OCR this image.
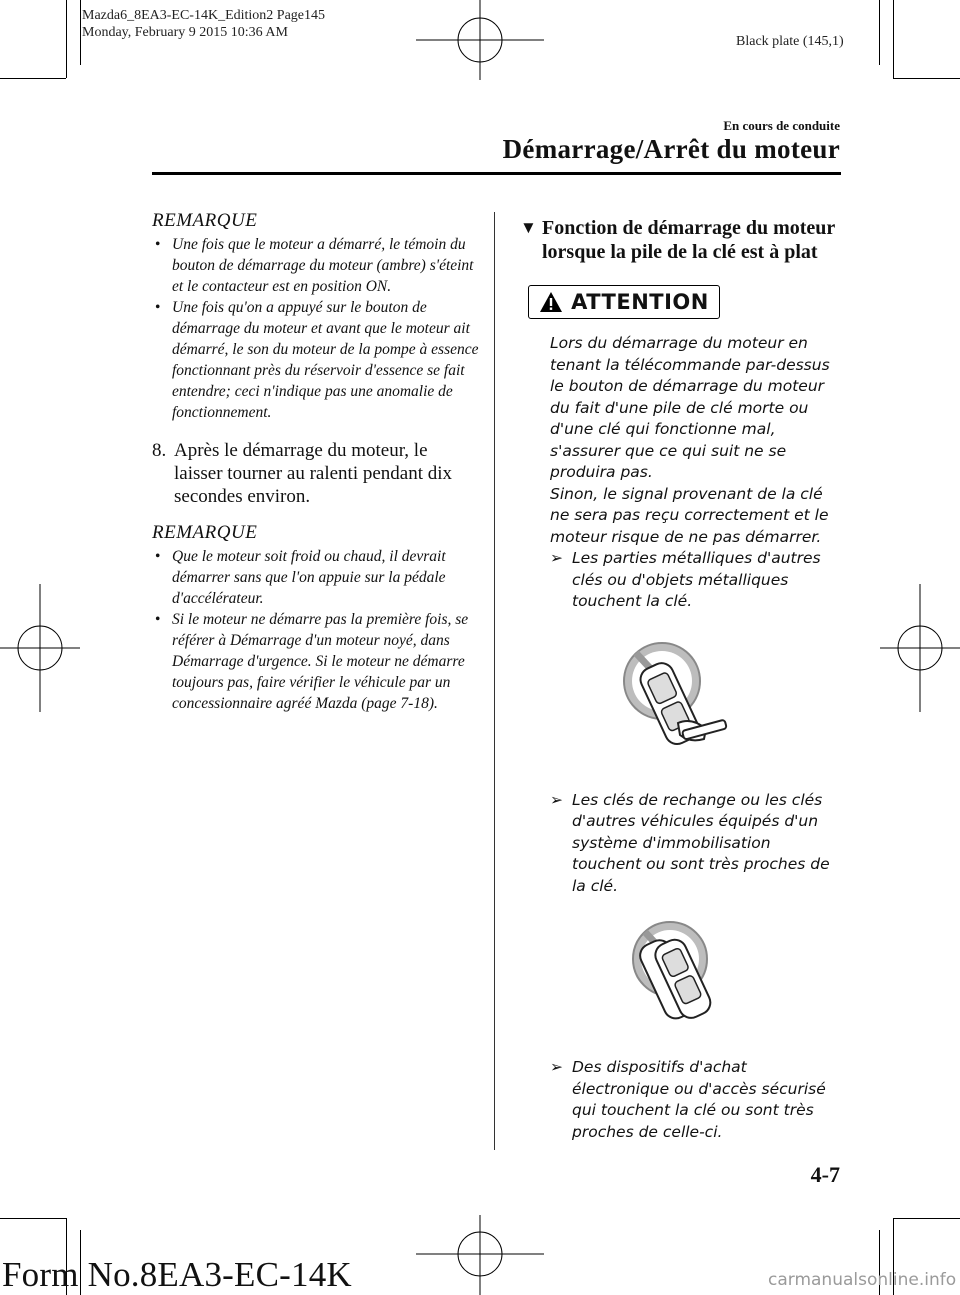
Mazda6_8EA3-EC-14K_Edition2 Page145
Monday, February 9 2015 10:36 AM
Black plate (145,1)
En cours de conduite
Démarrage/Arrêt du moteur
REMARQUE
• Une fois que le moteur a démarré, le témoin du bouton de démarrage du moteur (ambre) s'éteint et le contacteur est en position ON.
• Une fois qu'on a appuyé sur le bouton de démarrage du moteur et avant que le moteur ait démarré, le son du moteur de la pompe à essence fonctionnant près du réservoir d'essence se fait entendre; ceci n'indique pas une anomalie de fonctionnement.
8. Après le démarrage du moteur, le laisser tourner au ralenti pendant dix secondes environ.
REMARQUE
• Que le moteur soit froid ou chaud, il devrait démarrer sans que l'on appuie sur la pédale d'accélérateur.
• Si le moteur ne démarre pas la première fois, se référer à Démarrage d'un moteur noyé, dans Démarrage d'urgence. Si le moteur ne démarre toujours pas, faire vérifier le véhicule par un concessionnaire agréé Mazda (page 7-18).
▼ Fonction de démarrage du moteur lorsque la pile de la clé est à plat
ATTENTION
Lors du démarrage du moteur en tenant la télécommande par-dessus le bouton de démarrage du moteur du fait d'une pile de clé morte ou d'une clé qui fonctionne mal, s'assurer que ce qui suit ne se produira pas.
Sinon, le signal provenant de la clé ne sera pas reçu correctement et le moteur risque de ne pas démarrer.
➢ Les parties métalliques d'autres clés ou d'objets métalliques touchent la clé.
➢ Les clés de rechange ou les clés d'autres véhicules équipés d'un système d'immobilisation touchent ou sont très proches de la clé.
➢ Des dispositifs d'achat électronique ou d'accès sécurisé qui touchent la clé ou sont très proches de celle-ci.
4-7
Form No.8EA3-EC-14K	carmanualsonline.info
